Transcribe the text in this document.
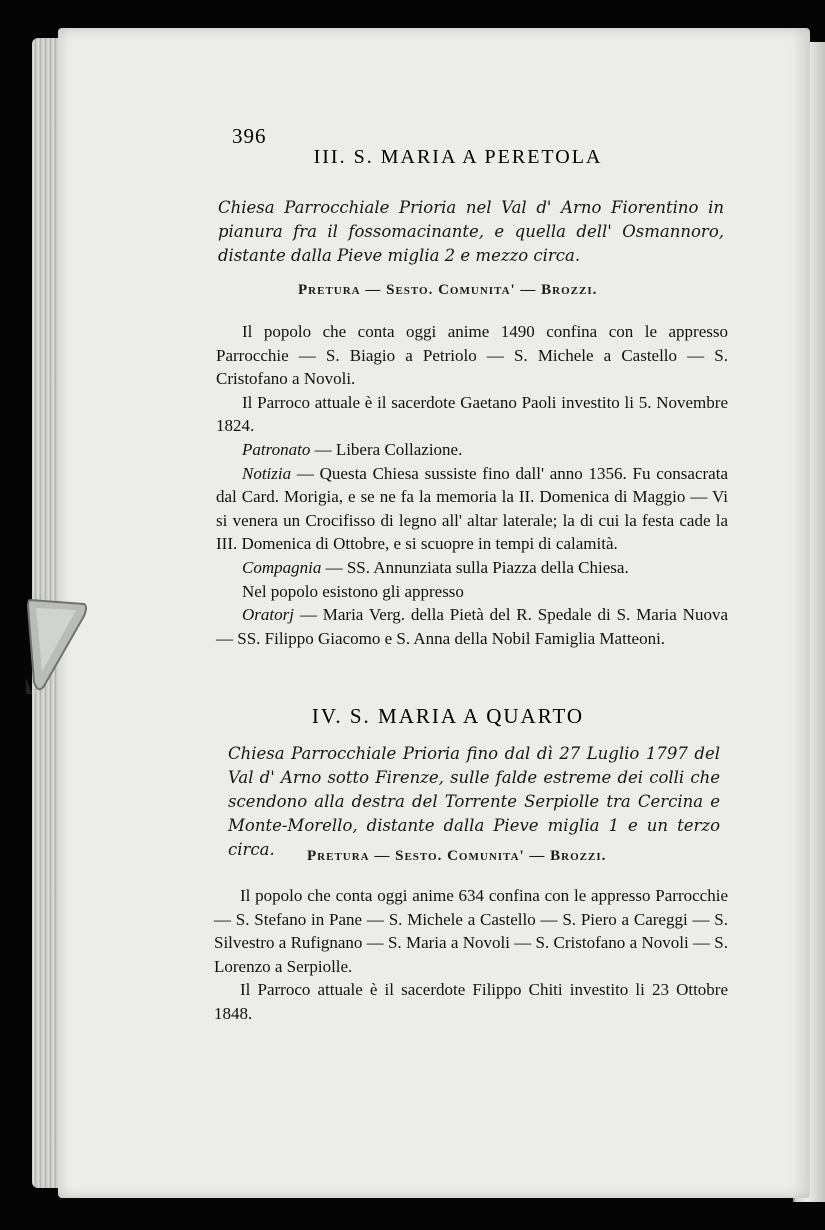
396
III. S. MARIA A PERETOLA
Chiesa Parrocchiale Prioria nel Val d' Arno Fiorentino in pianura fra il fossomacinante, e quella dell' Osmannoro, distante dalla Pieve miglia 2 e mezzo circa.
Pretura — Sesto. Comunita' — Brozzi.
Il popolo che conta oggi anime 1490 confina con le appresso Parrocchie — S. Biagio a Petriolo — S. Michele a Castello — S. Cristofano a Novoli.
Il Parroco attuale è il sacerdote Gaetano Paoli investito li 5. Novembre 1824.
Patronato — Libera Collazione.
Notizia — Questa Chiesa sussiste fino dall' anno 1356. Fu consacrata dal Card. Morigia, e se ne fa la memoria la II. Domenica di Maggio — Vi si venera un Crocifisso di legno all' altar laterale; la di cui la festa cade la III. Domenica di Ottobre, e si scuopre in tempi di calamità.
Compagnia — SS. Annunziata sulla Piazza della Chiesa.
Nel popolo esistono gli appresso
Oratorj — Maria Verg. della Pietà del R. Spedale di S. Maria Nuova — SS. Filippo Giacomo e S. Anna della Nobil Famiglia Matteoni.
IV. S. MARIA A QUARTO
Chiesa Parrocchiale Prioria fino dal dì 27 Luglio 1797 del Val d' Arno sotto Firenze, sulle falde estreme dei colli che scendono alla destra del Torrente Serpiolle tra Cercina e Monte-Morello, distante dalla Pieve miglia 1 e un terzo circa.	Pretura — Sesto. Comunita' — Brozzi.
Il popolo che conta oggi anime 634 confina con le appresso Parrocchie — S. Stefano in Pane — S. Michele a Castello — S. Piero a Careggi — S. Silvestro a Rufignano — S. Maria a Novoli — S. Cristofano a Novoli — S. Lorenzo a Serpiolle.
Il Parroco attuale è il sacerdote Filippo Chiti investito li 23 Ottobre 1848.
